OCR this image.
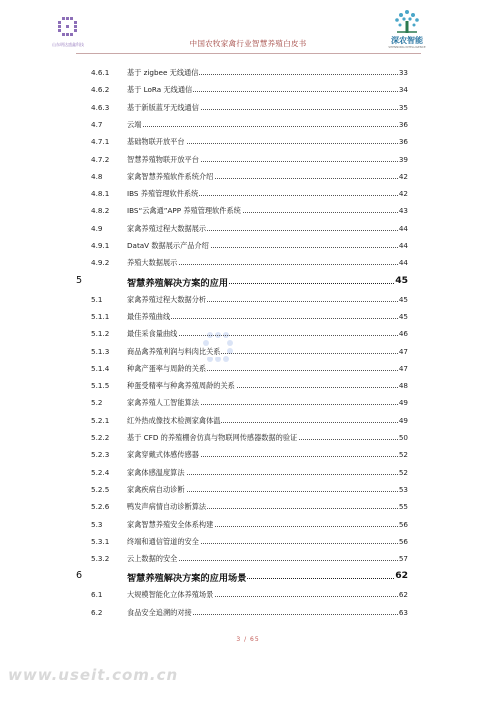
山东明达盛鑫科技	中国农牧家禽行业智慧养殖白皮书	深农智能
SHENNONG INTELLIGENCE
4.6.1 基于 zigbee 无线通信	33
4.6.2 基于 LoRa 无线通信	34
4.6.3 基于新版蓝牙无线通信	35
4.7	云端	36
4.7.1 基础物联开放平台	36
4.7.2 智慧养殖物联开放平台	39
4.8	家禽智慧养殖软件系统介绍	42
4.8.1 IBS 养殖管理软件系统	42
4.8.2 IBS“云禽通”APP 养殖管理软件系统	43
4.9	家禽养殖过程大数据展示	44
4.9.1 DataV 数据展示产品介绍	44
4.9.2 养殖大数据展示	44
5	智慧养殖解决方案的应用	45
5.1	家禽养殖过程大数据分析	45
5.1.1 最佳养殖曲线	45
5.1.2 最佳采食量曲线	46
5.1.3 商品禽养殖利润与料肉比关系	47
5.1.4 种禽产蛋率与周龄的关系	47
5.1.5 种蛋受精率与种禽养殖周龄的关系	48
5.2	家禽养殖人工智能算法	49
5.2.1 红外热成像技术检测家禽体温	49
5.2.2 基于 CFD 的养殖棚舍仿真与物联网传感器数据的验证	50
5.2.3 家禽穿戴式体感传感器	52
5.2.4 家禽体感温度算法	52
5.2.5 家禽疾病自动诊断	53
5.2.6 鸭发声病情自动诊断算法	55
5.3	家禽智慧养殖安全体系构建	56
5.3.1 终端和通信管道的安全	56
5.3.2 云上数据的安全	57
6	智慧养殖解决方案的应用场景	62
6.1	大规模智能化立体养殖场景	62
6.2	食品安全追溯的对接	63
3 / 65
www.useit.com.cn
